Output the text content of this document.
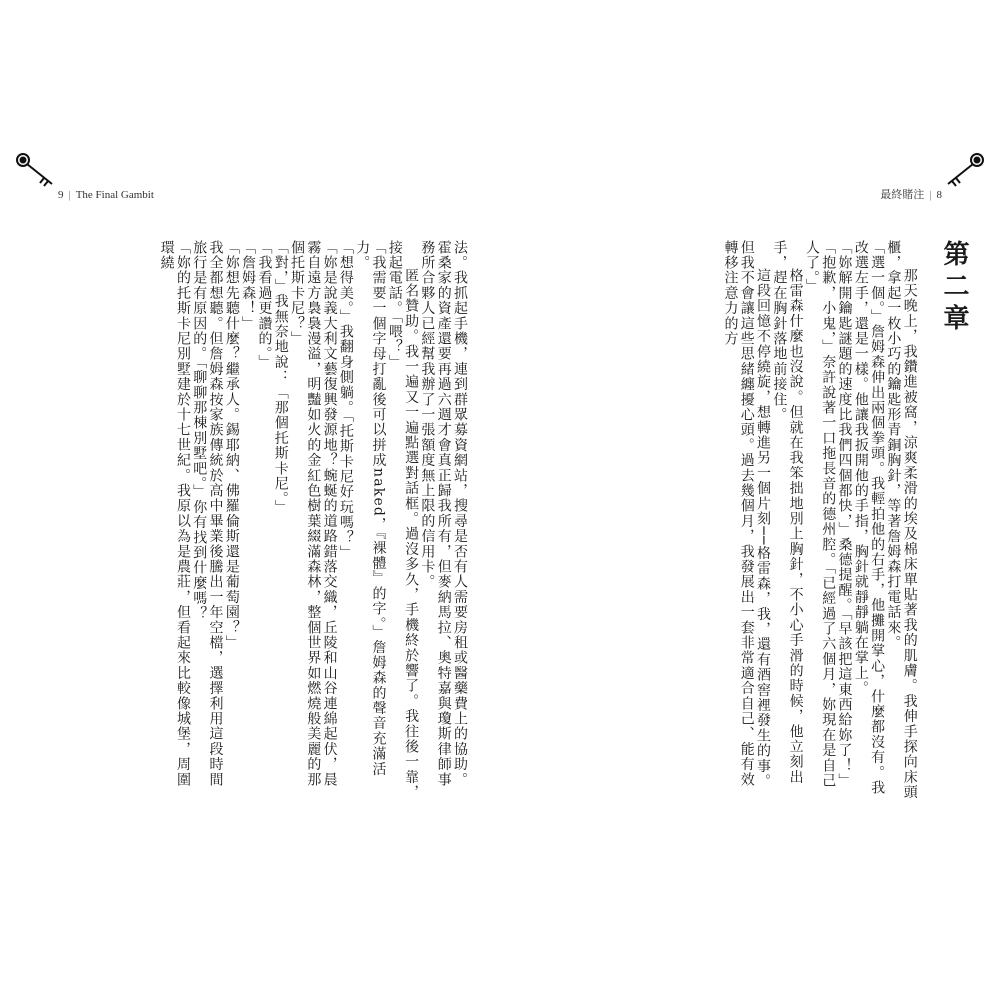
9 | The Final Gambit

法。我抓起手機，連到群眾募資網站，搜尋是否有人需要房租或醫藥費上的協助。霍桑家的資產還要再過六週才會真正歸我所有，但麥納馬拉、奧特嘉與瓊斯律師事務所合夥人已經幫我辦了一張額度無上限的信用卡。

匿名贊助。我一遍又一遍點選對話框。過沒多久，手機終於響了。我往後一靠，接起電話。「喂？」

「我需要一個字母打亂後可以拼成naked，『裸體』的字。」詹姆森的聲音充滿活力。

「想得美。」我翻身側躺。「托斯卡尼好玩嗎？」

「妳是說義大利文藝復興發源地？蜿蜒的道路錯落交織，丘陵和山谷連綿起伏，晨霧自遠方裊裊漫溢，明豔如火的金紅色樹葉綴滿森林，整個世界如燃燒般美麗的那個托斯卡尼？」

「對，」我無奈地說：「那個托斯卡尼。」

「我看過更讚的。」

「詹姆森！」

「妳想先聽什麼？繼承人。錫耶納、佛羅倫斯還是葡萄園？」

我全都想聽。但詹姆森按家族傳統於高中畢業後騰出一年空檔，選擇利用這段時間旅行是有原因的。「聊聊那棟別墅吧。」你有找到什麼嗎？

「妳的托斯卡尼別墅建於十七世紀。我原以為是農莊，但看起來比較像城堡，周圍環繞

最終賭注 | 8
第二章

那天晚上，我鑽進被窩，涼爽柔滑的埃及棉床單貼著我的肌膚。我伸手探向床頭櫃，拿起一枚小巧的鑰匙形青銅胸針，等著詹姆森打電話來。

「選一個。」詹姆森伸出兩個拳頭。我輕拍他的右手，他攤開掌心，什麼都沒有。我改選左手，還是一樣。他讓我扳開他的手指，胸針就靜靜躺在掌上。

「妳解開鑰匙謎題的速度比我們四個都快，」桑德提醒。「早該把這東西給妳了！」

「抱歉，小鬼，」奈許說著一口拖長音的德州腔。「已經過了六個月，妳現在是自己人了。」

格雷森什麼也沒說。但就在我笨拙地別上胸針，不小心手滑的時候，他立刻出手，趕在胸針落地前接住。

這段回憶不停繞旋，想轉進另一個片刻──格雷森，我，還有酒窖裡發生的事。但我不會讓這些思緒纏擾心頭。過去幾個月，我發展出一套非常適合自己、能有效轉移注意力的方
